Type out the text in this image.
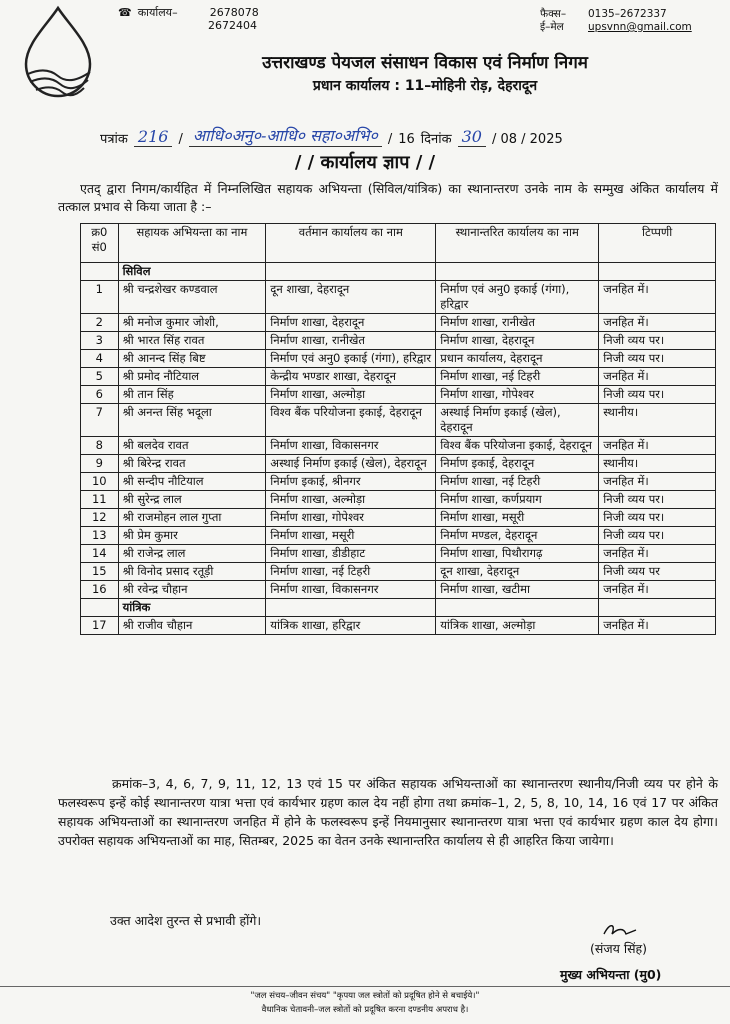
☎ कार्यालय–	2678078
2672404
फैक्स–	0135–2672337
ई–मेल	upsvnn@gmail.com
उत्तराखण्ड पेयजल संसाधन विकास एवं निर्माण निगम
प्रधान कार्यालय : 11–मोहिनी रोड़, देहरादून
पत्रांक 216 / आधि०अनु०-आधि० सहा०अभि० / 16 दिनांक 30 / 08 / 2025
/ / कार्यालय ज्ञाप / /
एतद् द्वारा निगम/कार्यहित में निम्नलिखित सहायक अभियन्ता (सिविल/यांत्रिक) का स्थानान्तरण उनके नाम के सम्मुख अंकित कार्यालय में तत्काल प्रभाव से किया जाता है :–
क्र0 सं0	सहायक अभियन्ता का नाम	वर्तमान कार्यालय का नाम	स्थानान्तरित कार्यालय का नाम	टिप्पणी
	सिविल			
1	श्री चन्द्रशेखर कण्डवाल	दून शाखा, देहरादून	निर्माण एवं अनु0 इकाई (गंगा), हरिद्वार	जनहित में।
2	श्री मनोज कुमार जोशी,	निर्माण शाखा, देहरादून	निर्माण शाखा, रानीखेत	जनहित में।
3	श्री भारत सिंह रावत	निर्माण शाखा, रानीखेत	निर्माण शाखा, देहरादून	निजी व्यय पर।
4	श्री आनन्द सिंह बिष्ट	निर्माण एवं अनु0 इकाई (गंगा), हरिद्वार	प्रधान कार्यालय, देहरादून	निजी व्यय पर।
5	श्री प्रमोद नौटियाल	केन्द्रीय भण्डार शाखा, देहरादून	निर्माण शाखा, नई टिहरी	जनहित में।
6	श्री तान सिंह	निर्माण शाखा, अल्मोड़ा	निर्माण शाखा, गोपेश्वर	निजी व्यय पर।
7	श्री अनन्त सिंह भदूला	विश्व बैंक परियोजना इकाई, देहरादून	अस्थाई निर्माण इकाई (खेल), देहरादून	स्थानीय।
8	श्री बलदेव रावत	निर्माण शाखा, विकासनगर	विश्व बैंक परियोजना इकाई, देहरादून	जनहित में।
9	श्री बिरेन्द्र रावत	अस्थाई निर्माण इकाई (खेल), देहरादून	निर्माण इकाई, देहरादून	स्थानीय।
10	श्री सन्दीप नौटियाल	निर्माण इकाई, श्रीनगर	निर्माण शाखा, नई टिहरी	जनहित में।
11	श्री सुरेन्द्र लाल	निर्माण शाखा, अल्मोड़ा	निर्माण शाखा, कर्णप्रयाग	निजी व्यय पर।
12	श्री राजमोहन लाल गुप्ता	निर्माण शाखा, गोपेश्वर	निर्माण शाखा, मसूरी	निजी व्यय पर।
13	श्री प्रेम कुमार	निर्माण शाखा, मसूरी	निर्माण मण्डल, देहरादून	निजी व्यय पर।
14	श्री राजेन्द्र लाल	निर्माण शाखा, डीडीहाट	निर्माण शाखा, पिथौरागढ़	जनहित में।
15	श्री विनोद प्रसाद रतूड़ी	निर्माण शाखा, नई टिहरी	दून शाखा, देहरादून	निजी व्यय पर
16	श्री रवेन्द्र चौहान	निर्माण शाखा, विकासनगर	निर्माण शाखा, खटीमा	जनहित में।
	यांत्रिक			
17	श्री राजीव चौहान	यांत्रिक शाखा, हरिद्वार	यांत्रिक शाखा, अल्मोड़ा	जनहित में।
क्रमांक–3, 4, 6, 7, 9, 11, 12, 13 एवं 15 पर अंकित सहायक अभियन्ताओं का स्थानान्तरण स्थानीय/निजी व्यय पर होने के फलस्वरूप इन्हें कोई स्थानान्तरण यात्रा भत्ता एवं कार्यभार ग्रहण काल देय नहीं होगा तथा क्रमांक–1, 2, 5, 8, 10, 14, 16 एवं 17 पर अंकित सहायक अभियन्ताओं का स्थानान्तरण जनहित में होने के फलस्वरूप इन्हें नियमानुसार स्थानान्तरण यात्रा भत्ता एवं कार्यभार ग्रहण काल देय होगा। उपरोक्त सहायक अभियन्ताओं का माह, सितम्बर, 2025 का वेतन उनके स्थानान्तरित कार्यालय से ही आहरित किया जायेगा।
उक्त आदेश तुरन्त से प्रभावी होंगे।
(संजय सिंह)
मुख्य अभियन्ता (मु0)
"जल संचय–जीवन संचय" "कृपया जल स्त्रोतों को प्रदूषित होने से बचाईये।"
वैधानिक चेतावनी–जल स्त्रोतों को प्रदूषित करना दण्डनीय अपराध है।
